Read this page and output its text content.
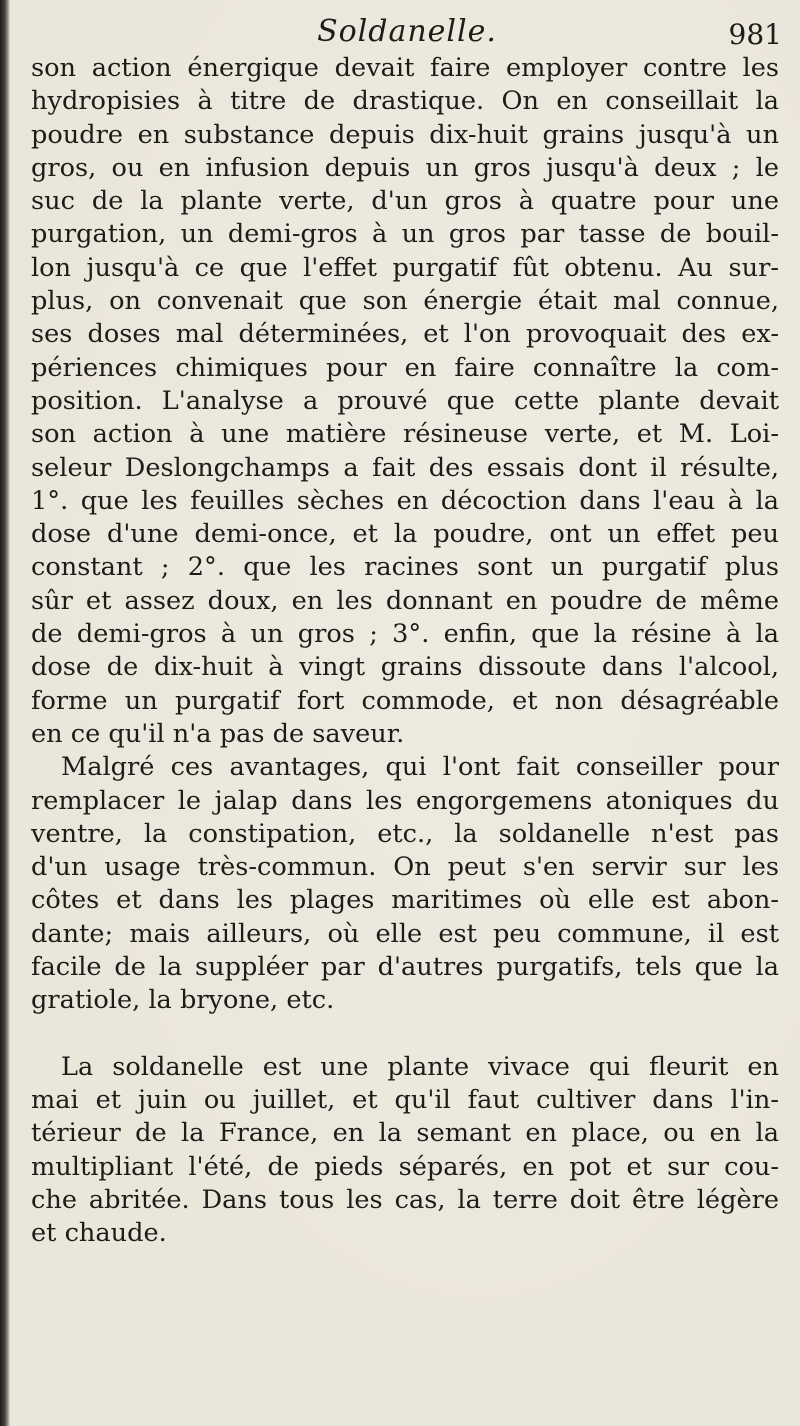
Soldanelle.	981
son action énergique devait faire employer contre les
hydropisies à titre de drastique. On en conseillait la
poudre en substance depuis dix-huit grains jusqu'à un
gros, ou en infusion depuis un gros jusqu'à deux ; le
suc de la plante verte, d'un gros à quatre pour une
purgation, un demi-gros à un gros par tasse de bouil-
lon jusqu'à ce que l'effet purgatif fût obtenu. Au sur-
plus, on convenait que son énergie était mal connue,
ses doses mal déterminées, et l'on provoquait des ex-
périences chimiques pour en faire connaître la com-
position. L'analyse a prouvé que cette plante devait
son action à une matière résineuse verte, et M. Loi-
seleur Deslongchamps a fait des essais dont il résulte,
1°. que les feuilles sèches en décoction dans l'eau à la
dose d'une demi-once, et la poudre, ont un effet peu
constant ; 2°. que les racines sont un purgatif plus
sûr et assez doux, en les donnant en poudre de même
de demi-gros à un gros ; 3°. enfin, que la résine à la
dose de dix-huit à vingt grains dissoute dans l'alcool,
forme un purgatif fort commode, et non désagréable
en ce qu'il n'a pas de saveur.
Malgré ces avantages, qui l'ont fait conseiller pour
remplacer le jalap dans les engorgemens atoniques du
ventre, la constipation, etc., la soldanelle n'est pas
d'un usage très-commun. On peut s'en servir sur les
côtes et dans les plages maritimes où elle est abon-
dante; mais ailleurs, où elle est peu commune, il est
facile de la suppléer par d'autres purgatifs, tels que la
gratiole, la bryone, etc.
La soldanelle est une plante vivace qui fleurit en
mai et juin ou juillet, et qu'il faut cultiver dans l'in-
térieur de la France, en la semant en place, ou en la
multipliant l'été, de pieds séparés, en pot et sur cou-
che abritée. Dans tous les cas, la terre doit être légère
et chaude.
